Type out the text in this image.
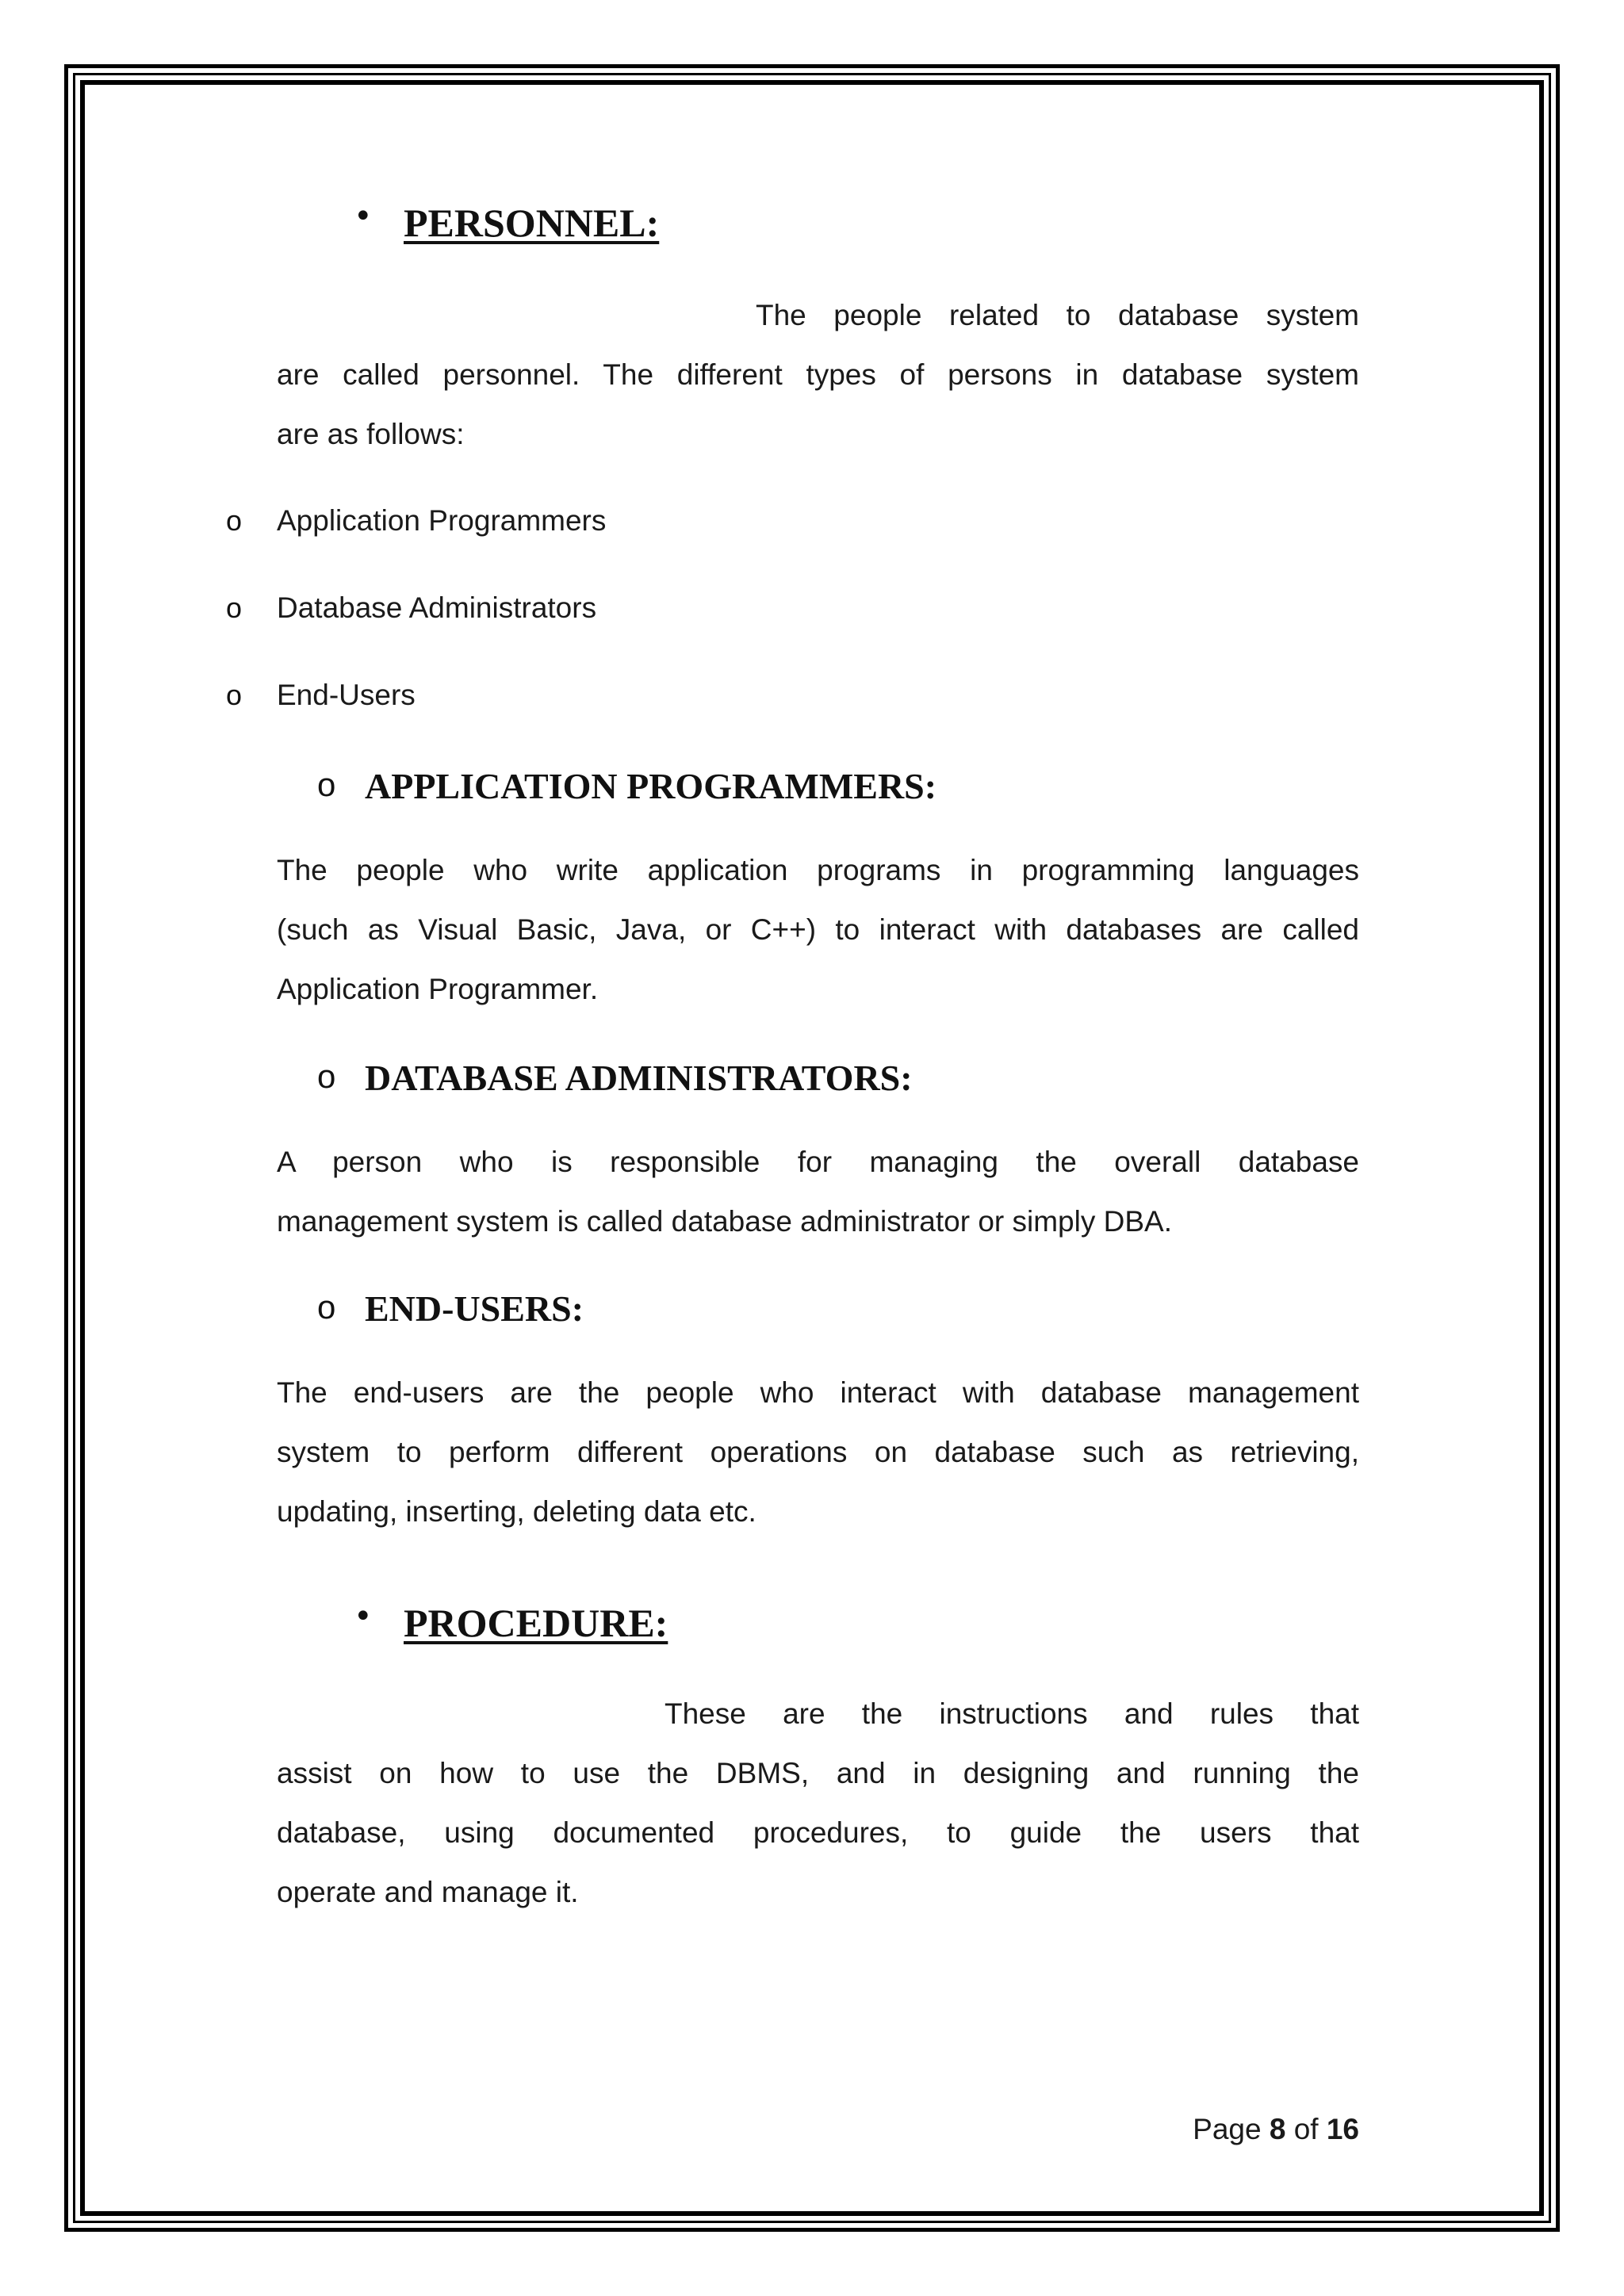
• PERSONNEL:
The people related to database system
are called personnel. The different types of persons in database system
are as follows:
o Application Programmers
o Database Administrators
o End-Users
o APPLICATION PROGRAMMERS:
The people who write application programs in programming languages
(such as Visual Basic, Java, or C++) to interact with databases are called
Application Programmer.
o DATABASE ADMINISTRATORS:
A person who is responsible for managing the overall database
management system is called database administrator or simply DBA.
o END-USERS:
The end-users are the people who interact with database management
system to perform different operations on database such as retrieving,
updating, inserting, deleting data etc.
• PROCEDURE:
These are the instructions and rules that
assist on how to use the DBMS, and in designing and running the
database, using documented procedures, to guide the users that
operate and manage it.
Page 8 of 16
